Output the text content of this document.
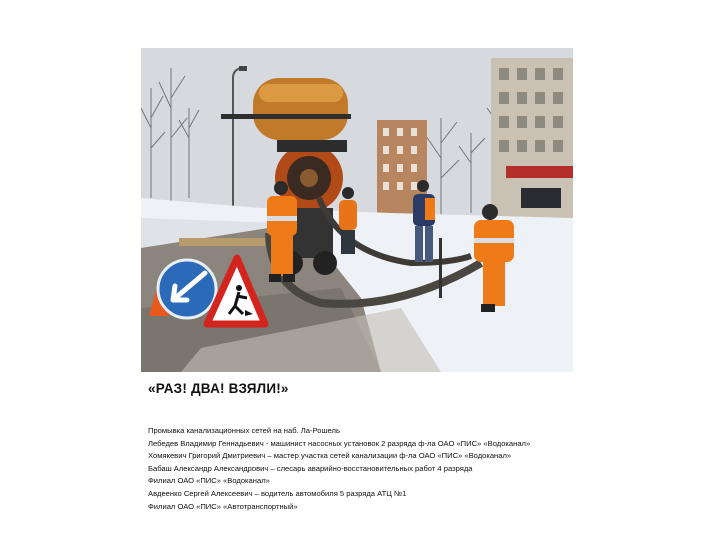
«РАЗ! ДВА! ВЗЯЛИ!»
Промывка канализационных сетей на наб. Ла-Рошель
Лебедев Владимир Геннадьевич - машинист насосных установок 2 разряда ф-ла ОАО «ПИС» «Водоканал»
Хомякевич Григорий Дмитриевич – мастер участка сетей канализации ф-ла ОАО «ПИС» «Водоканал»
Бабаш Александр Александрович – слесарь аварийно-восстановительных работ 4 разряда
Филиал ОАО «ПИС» «Водоканал»
Авдеенко Сергей Алексеевич – водитель автомобиля 5 разряда АТЦ №1
Филиал ОАО «ПИС» «Автотранспортный»
